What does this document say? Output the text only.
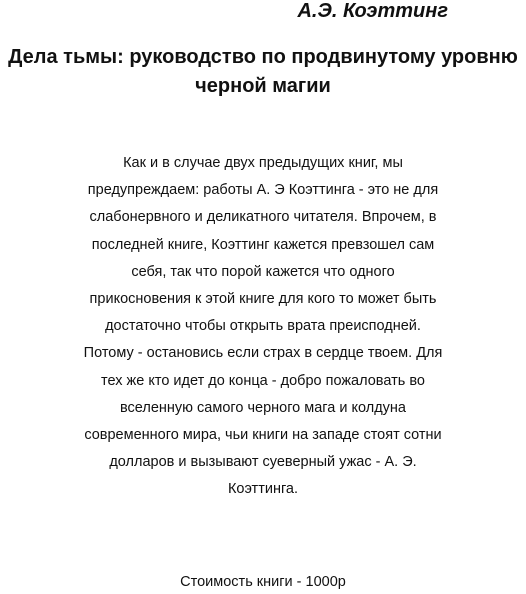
А.Э. Коэттинг
Дела тьмы: руководство по продвинутому уровню черной магии

Как и в случае двух предыдущих книг, мы предупреждаем: работы А. Э Коэттинга - это не для слабонервного и деликатного читателя. Впрочем, в последней книге, Коэттинг кажется превзошел сам себя, так что порой кажется что одного прикосновения к этой книге для кого то может быть достаточно чтобы открыть врата преисподней.

Потому - остановись если страх в сердце твоем. Для тех же кто идет до конца - добро пожаловать во вселенную самого черного мага и колдуна современного мира, чьи книги на западе стоят сотни долларов и вызывают суеверный ужас - А. Э. Коэттинга.

Стоимость книги - 1000р
